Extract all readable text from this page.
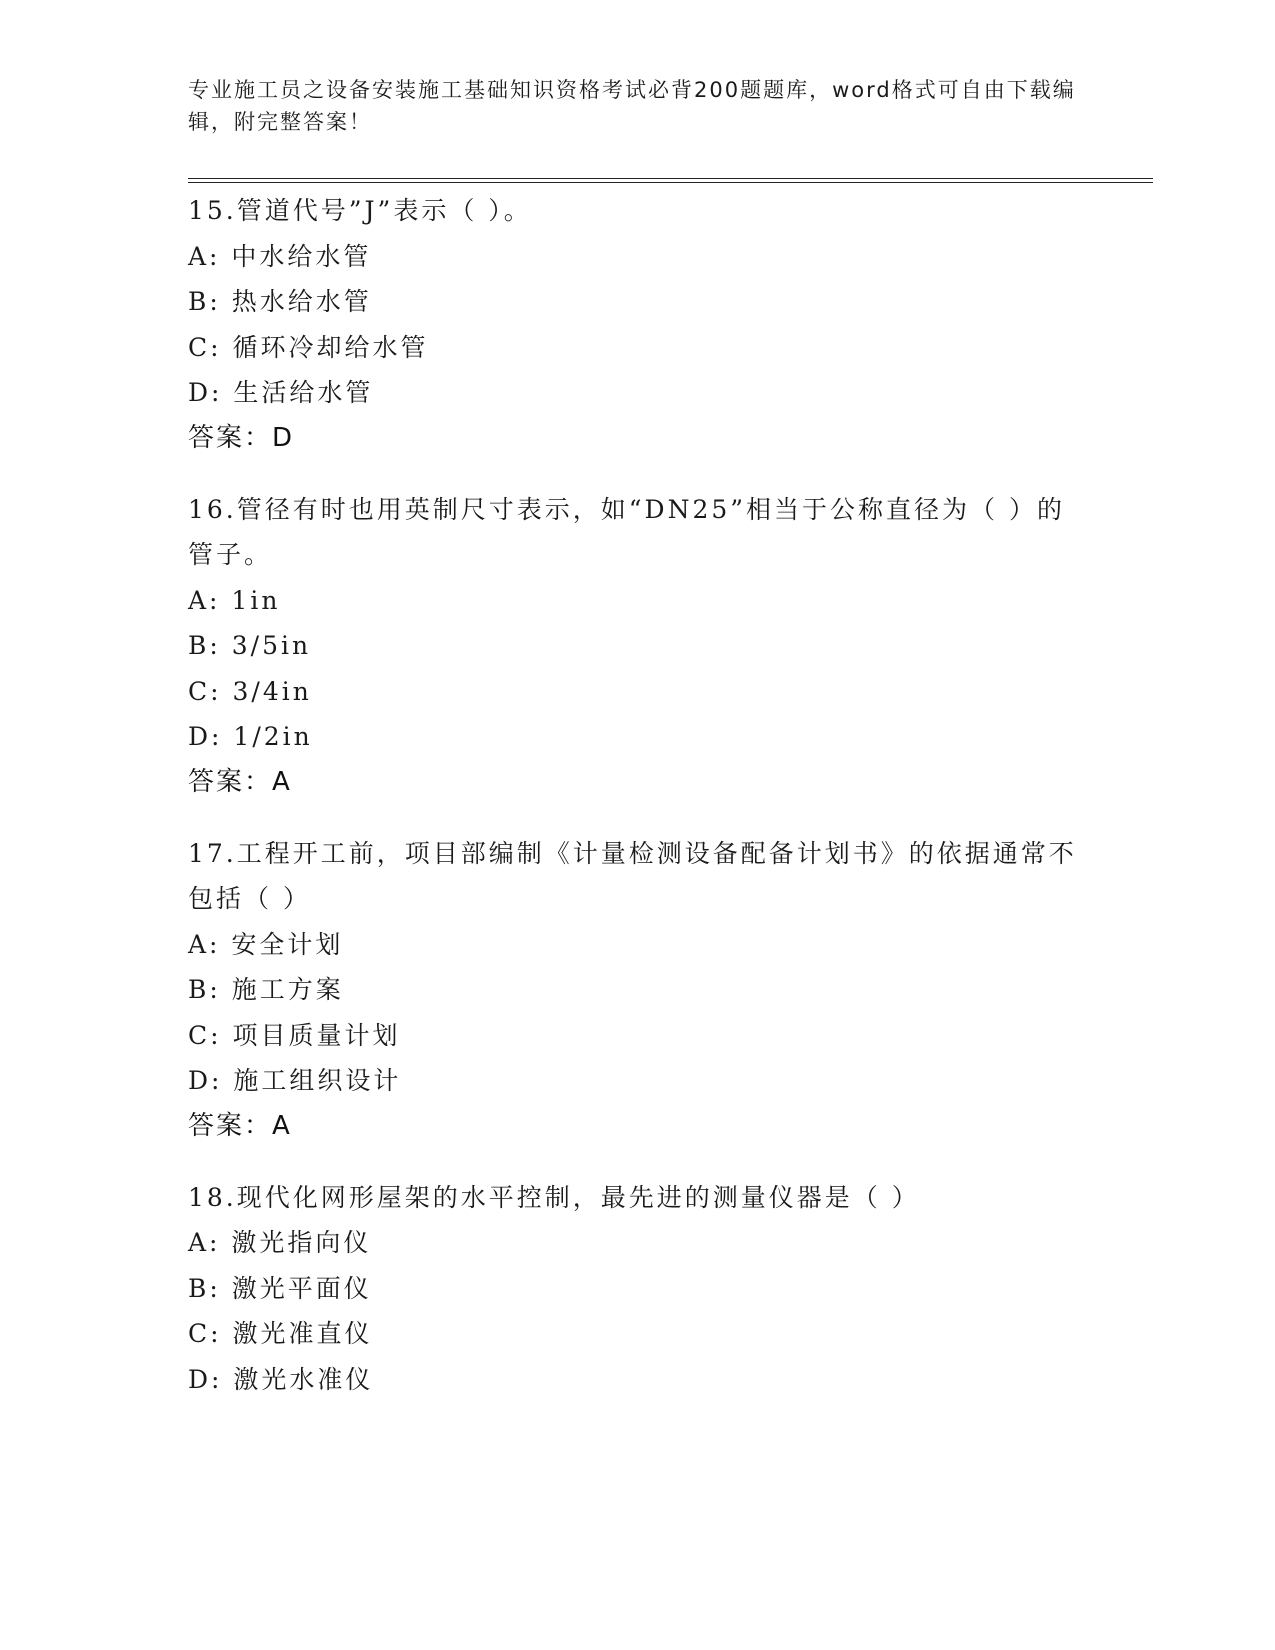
专业施工员之设备安装施工基础知识资格考试必背200题题库，word格式可自由下载编辑，附完整答案！
15.管道代号”J”表示（ ）。
A: 中水给水管
B: 热水给水管
C: 循环冷却给水管
D: 生活给水管
答案：D
16.管径有时也用英制尺寸表示，如“DN25”相当于公称直径为（ ）的管子。
A: 1in
B: 3/5in
C: 3/4in
D: 1/2in
答案：A
17.工程开工前，项目部编制《计量检测设备配备计划书》的依据通常不包括（ ）
A: 安全计划
B: 施工方案
C: 项目质量计划
D: 施工组织设计
答案：A
18.现代化网形屋架的水平控制，最先进的测量仪器是（ ）
A: 激光指向仪
B: 激光平面仪
C: 激光准直仪
D: 激光水准仪
